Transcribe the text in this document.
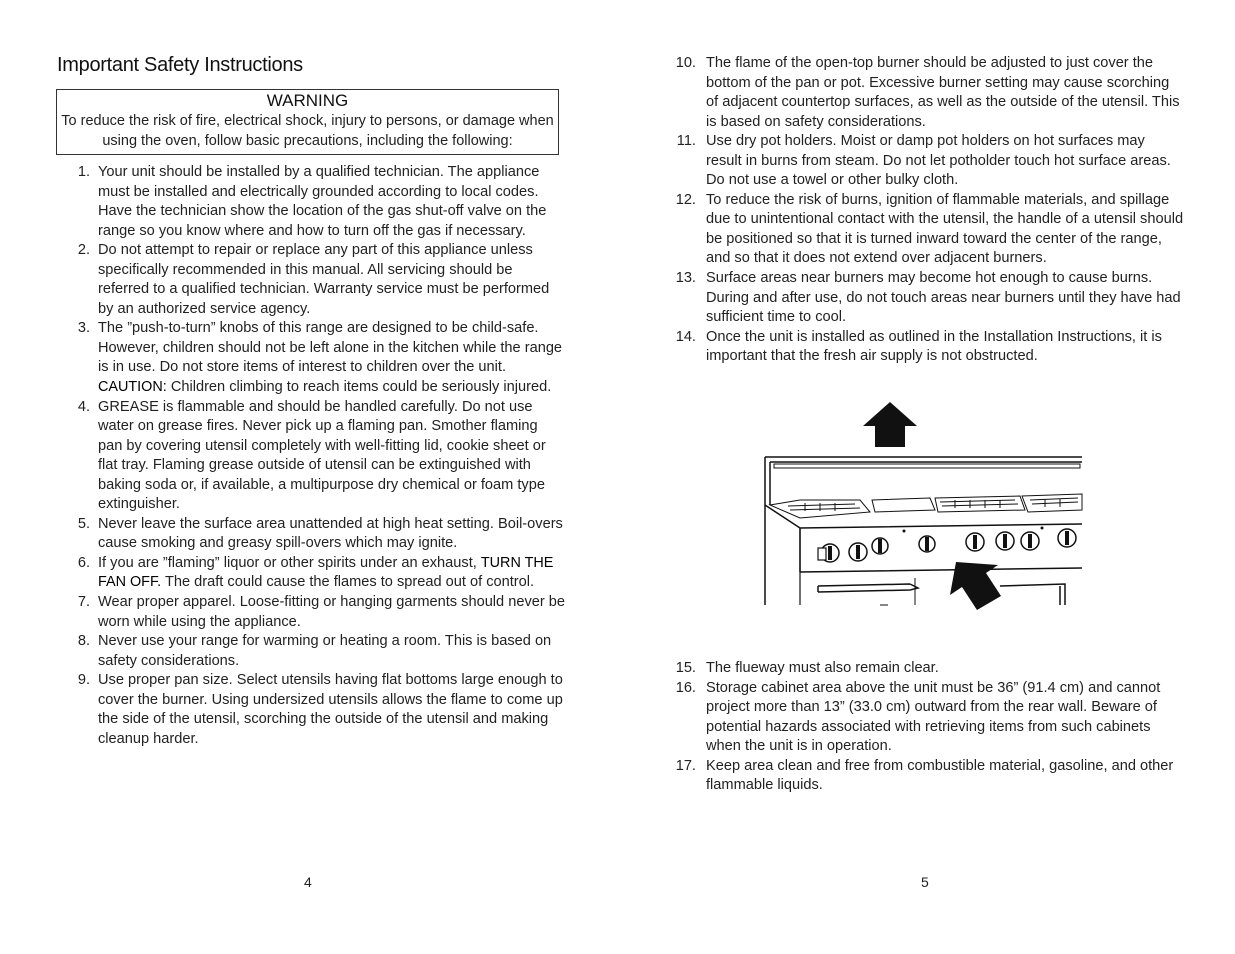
Important Safety Instructions
WARNING
To reduce the risk of fire, electrical shock, injury to persons, or damage when using the oven, follow basic precautions, including the following:
1. Your unit should be installed by a qualified technician. The appliance must be installed and electrically grounded according to local codes. Have the technician show the location of the gas shut-off valve on the range so you know where and how to turn off the gas if necessary.
2. Do not attempt to repair or replace any part of this appliance unless specifically recommended in this manual. All servicing should be referred to a qualified technician. Warranty service must be performed by an authorized service agency.
3. The ”push-to-turn” knobs of this range are designed to be child-safe. However, children should not be left alone in the kitchen while the range is in use. Do not store items of interest to children over the unit. CAUTION: Children climbing to reach items could be seriously injured.
4. GREASE is flammable and should be handled carefully. Do not use water on grease fires. Never pick up a flaming pan. Smother flaming pan by covering utensil completely with well-fitting lid, cookie sheet or flat tray. Flaming grease outside of utensil can be extinguished with baking soda or, if available, a multipurpose dry chemical or foam type extinguisher.
5. Never leave the surface area unattended at high heat setting. Boil-overs cause smoking and greasy spill-overs which may ignite.
6. If you are ”flaming” liquor or other spirits under an exhaust, TURN THE FAN OFF. The draft could cause the flames to spread out of control.
7. Wear proper apparel. Loose-fitting or hanging garments should never be worn while using the appliance.
8. Never use your range for warming or heating a room. This is based on safety considerations.
9. Use proper pan size. Select utensils having flat bottoms large enough to cover the burner. Using undersized utensils allows the flame to come up the side of the utensil, scorching the outside of the utensil and making cleanup harder.
4
10. The flame of the open-top burner should be adjusted to just cover the bottom of the pan or pot. Excessive burner setting may cause scorching of adjacent countertop surfaces, as well as the outside of the utensil. This is based on safety considerations.
11. Use dry pot holders. Moist or damp pot holders on hot surfaces may result in burns from steam. Do not let potholder touch hot surface areas. Do not use a towel or other bulky cloth.
12. To reduce the risk of burns, ignition of flammable materials, and spillage due to unintentional contact with the utensil, the handle of a utensil should be positioned so that it is turned inward toward the center of the range, and so that it does not extend over adjacent burners.
13. Surface areas near burners may become hot enough to cause burns. During and after use, do not touch areas near burners until they have had sufficient time to cool.
14. Once the unit is installed as outlined in the Installation Instructions, it is important that the fresh air supply is not obstructed.
15. The flueway must also remain clear.
16. Storage cabinet area above the unit must be 36” (91.4 cm) and cannot project more than 13” (33.0 cm) outward from the rear wall. Beware of potential hazards associated with retrieving items from such cabinets when the unit is in operation.
17. Keep area clean and free from combustible material, gasoline, and other flammable liquids.
5
